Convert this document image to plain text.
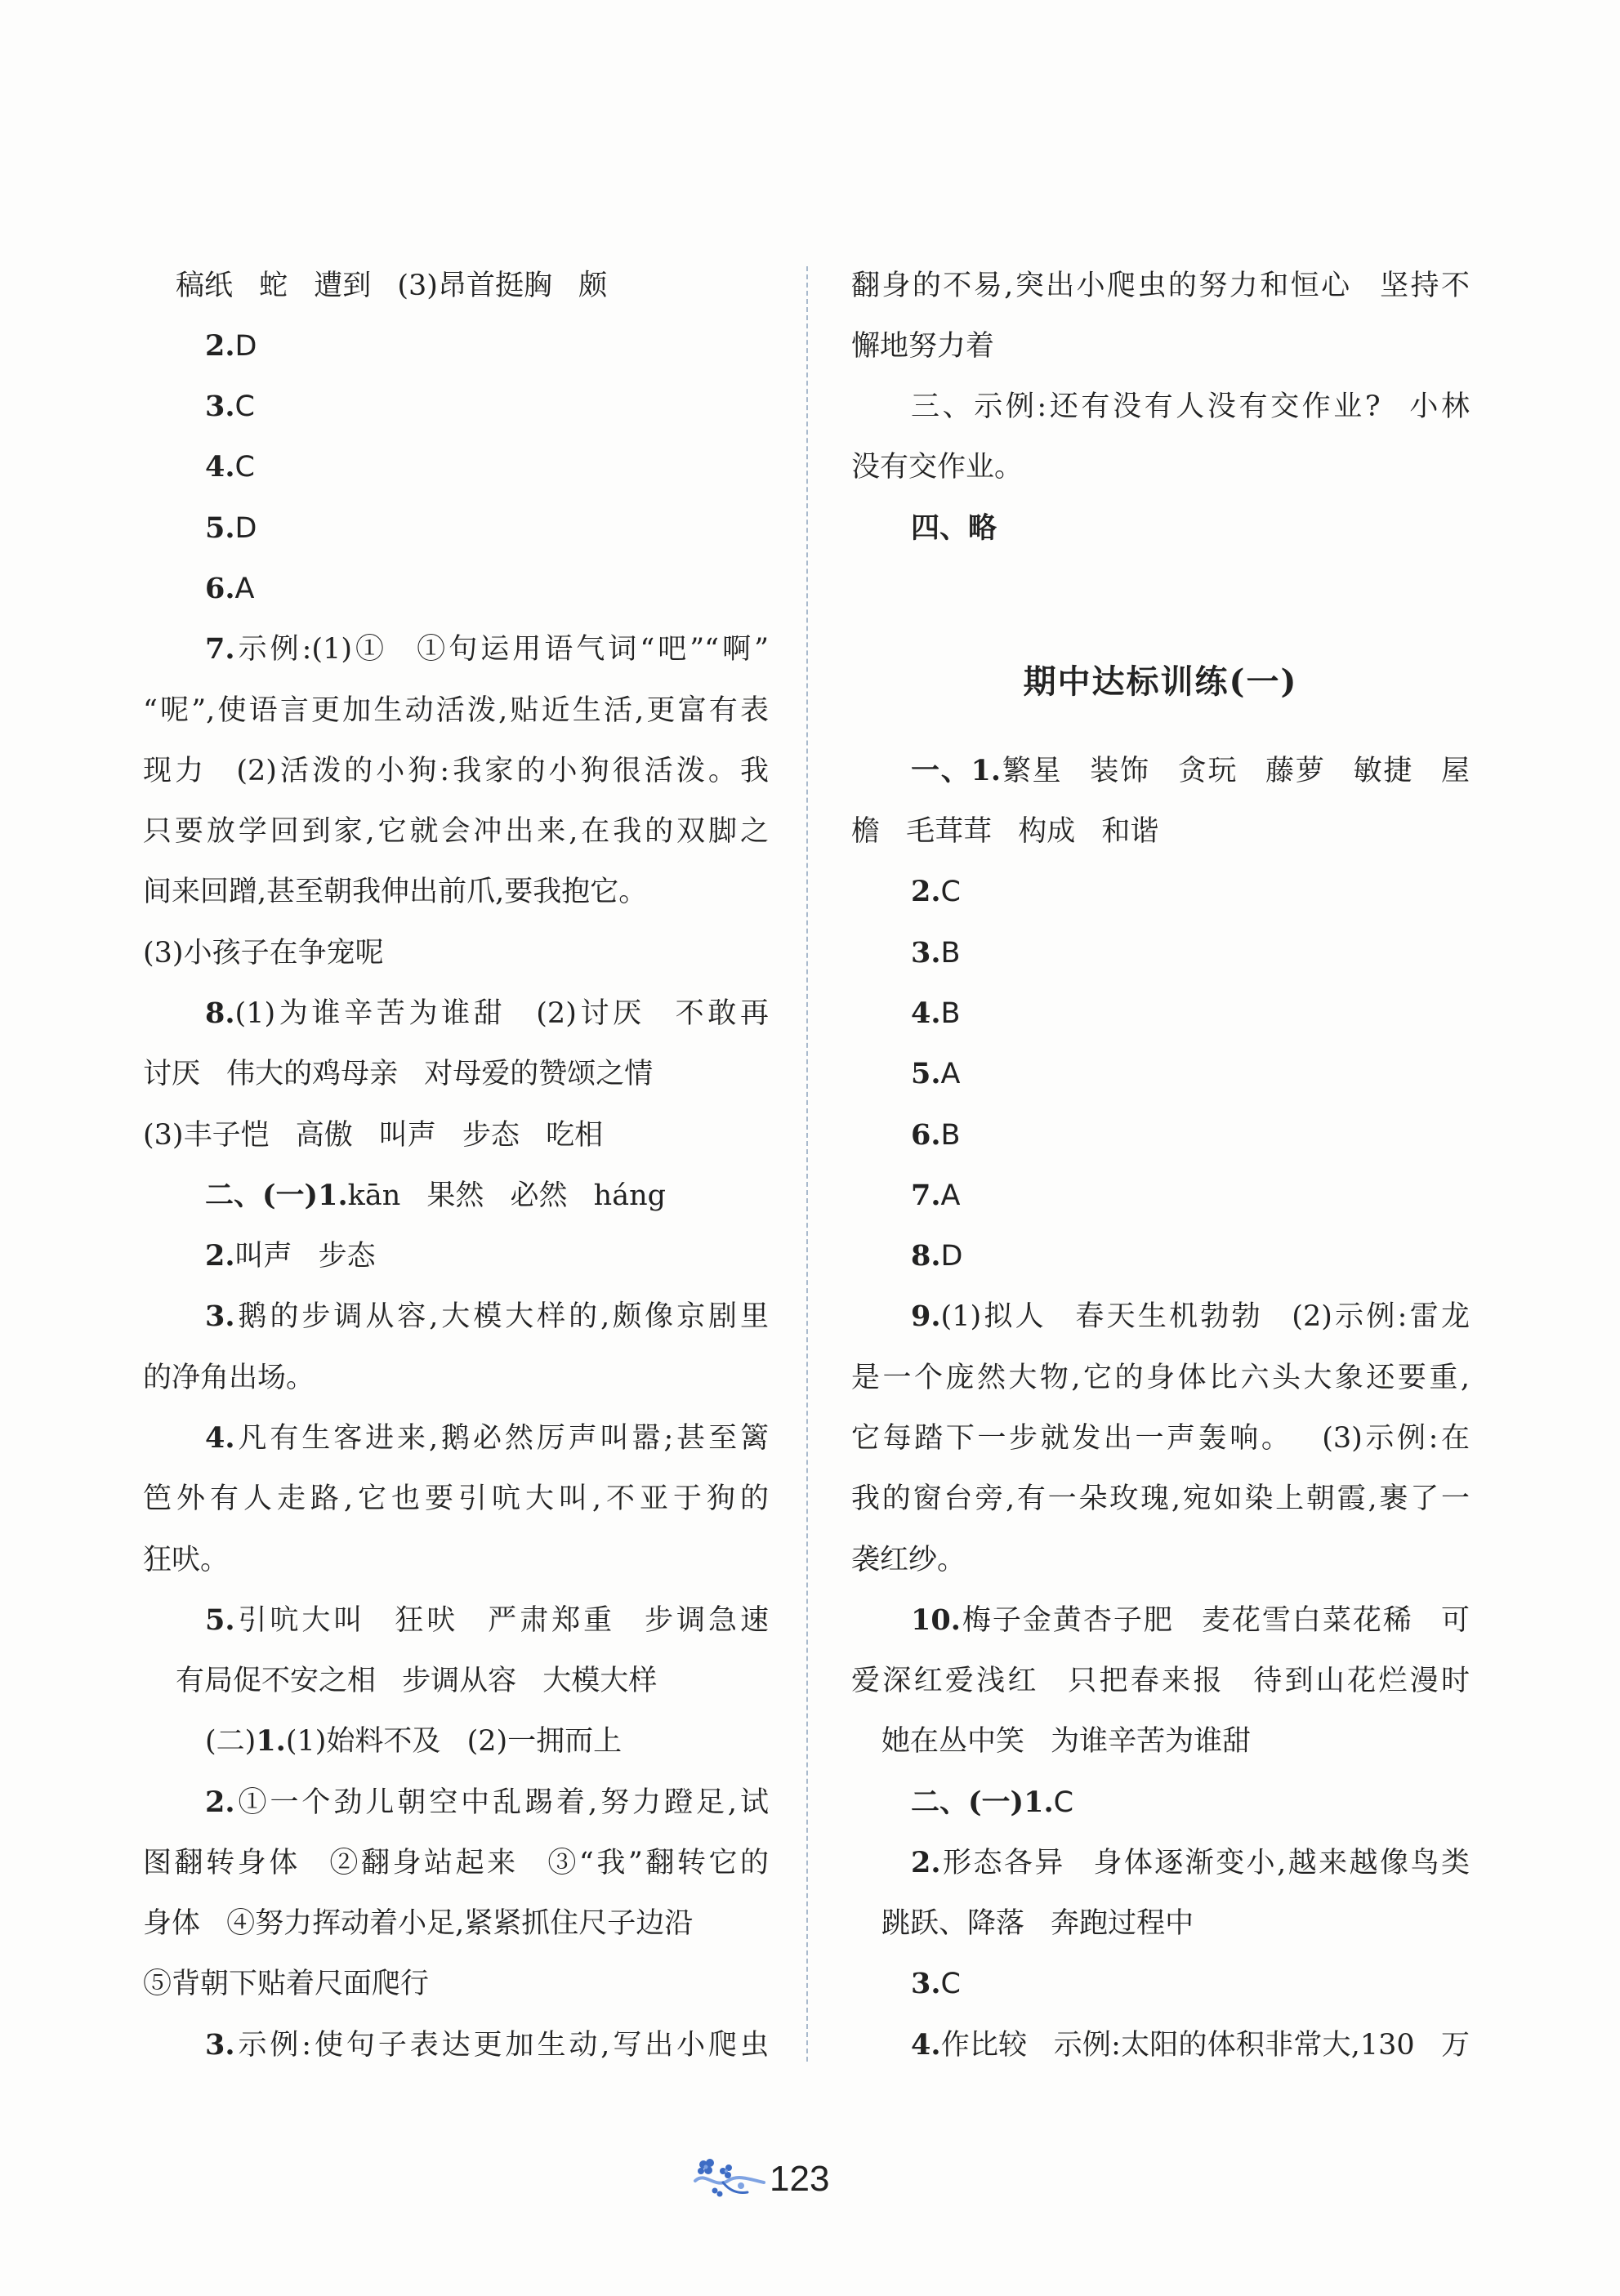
稿纸 蛇 遭到 (3)昂首挺胸 颇
2.D
3.C
4.C
5.D
6.A
7.示例:(1)① ①句运用语气词“吧”“啊”
“呢”,使语言更加生动活泼,贴近生活,更富有表
现力 (2)活泼的小狗:我家的小狗很活泼。我
只要放学回到家,它就会冲出来,在我的双脚之
间来回蹭,甚至朝我伸出前爪,要我抱它。
(3)小孩子在争宠呢
8.(1)为谁辛苦为谁甜 (2)讨厌 不敢再
讨厌 伟大的鸡母亲 对母爱的赞颂之情
(3)丰子恺 高傲 叫声 步态 吃相
二、(一)1.kān 果然 必然 háng
2.叫声 步态
3.鹅的步调从容,大模大样的,颇像京剧里
的净角出场。
4.凡有生客进来,鹅必然厉声叫嚣;甚至篱
笆外有人走路,它也要引吭大叫,不亚于狗的
狂吠。
5.引吭大叫 狂吠 严肃郑重 步调急速
有局促不安之相 步调从容 大模大样
(二)1.(1)始料不及 (2)一拥而上
2.①一个劲儿朝空中乱踢着,努力蹬足,试
图翻转身体 ②翻身站起来 ③“我”翻转它的
身体 ④努力挥动着小足,紧紧抓住尺子边沿
⑤背朝下贴着尺面爬行
3.示例:使句子表达更加生动,写出小爬虫
翻身的不易,突出小爬虫的努力和恒心 坚持不
懈地努力着
三、示例:还有没有人没有交作业? 小林
没有交作业。
四、略
期中达标训练(一)
一、1.繁星 装饰 贪玩 藤萝 敏捷 屋
檐 毛茸茸 构成 和谐
2.C
3.B
4.B
5.A
6.B
7.A
8.D
9.(1)拟人 春天生机勃勃 (2)示例:雷龙
是一个庞然大物,它的身体比六头大象还要重,
它每踏下一步就发出一声轰响。 (3)示例:在
我的窗台旁,有一朵玫瑰,宛如染上朝霞,裹了一
袭红纱。
10.梅子金黄杏子肥 麦花雪白菜花稀 可
爱深红爱浅红 只把春来报 待到山花烂漫时
她在丛中笑 为谁辛苦为谁甜
二、(一)1.C
2.形态各异 身体逐渐变小,越来越像鸟类
跳跃、降落 奔跑过程中
3.C
4.作比较 示例:太阳的体积非常大,130 万
123
